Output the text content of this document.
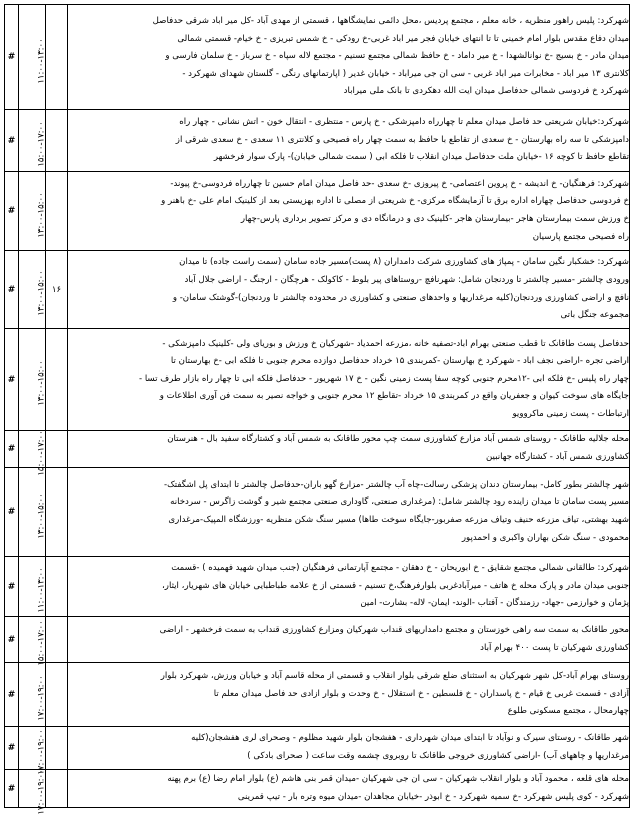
#	۱۱:۰۰-۱۳:۰۰		شهرکرد: پلیس راهور منظریه ، خانه معلم ، مجتمع پردیس ،محل دائمی نمایشگاهها ، قسمتی از مهدی آباد -کل میر اباد شرقی حدفاصل
میدان دفاع مقدس بلوار امام خمینی تا تا انتهای خیابان فجر میر اباد غربی-خ رودکی - خ شمس تبریزی - خ خیام- قسمتی شمالی
میدان مادر - خ بسیج -خ نوانالشهدا - خ میر داماد - خ حافظ شمالی مجتمع تسنیم - مجتمع لاله سپاه - خ سرباز - خ سلمان فارسی و
کلانتری ۱۳ میر اباد - مخابرات میر اباد غربی - سی ان جی میراباد - خیابان غدیر ( اپارتمانهای رنگی - گلستان شهدای شهرکرد -
شهرکرد خ فردوسی شمالی حدفاصل میدان ایت الله دهکردی تا بانک ملی میراباد

#	۱۵:۰۰-۱۷:۰۰		شهرکرد:خیابان شریعتی حد فاصل میدان معلم تا چهارراه دامپزشکی - خ پارس - منتظری - انتقال خون - اتش نشانی - چهار راه
دامپزشکی تا سه راه بهارستان - خ سعدی از تقاطع با حافظ به سمت چهار راه فصیحی و کلانتری ۱۱ سعدی - خ سعدی شرقی از
تقاطع حافظ تا کوچه ۱۶ -خیابان ملت حدفاصل میدان انقلاب تا فلکه ابی ( سمت شمالی خیابان)- پارک سوار فرخشهر

#	۱۳:۰۰-۱۵:۰۰		شهرکرد: فرهنگیان- خ اندیشه - خ پروین اعتصامی- خ پیروزی -خ سعدی -حد فاصل میدان امام حسین تا چهارراه فردوسی-خ پیوند-
خ فردوسی حدفاصل چهاراه اداره برق تا آزمایشگاه مرکزی- خ شریعتی از مصلی تا اداره بهزیستی بعد از کلینیک امام علی -خ باهنر و
خ ورزش سمت بیمارستان هاجر -بیمارستان هاجر -کلینیک دی و درمانگاه دی و مرکز تصویر برداری پارس-چهار
راه فصیحی مجتمع پارسیان

#	۱۳:۰۰-۱۵:۰۰	۱۶	شهرکرد: خشکبار نگین سامان - پمپاژ های کشاورزی شرکت دامداران (۸ پست)مسیر جاده سامان (سمت راست جاده) تا میدان
ورودی چالشتر -مسیر چالشتر تا وردنجان شامل: شهرنافچ -روستاهای پیر بلوط - کاکولک - هرچگان - ارجنگ - اراضی جلال آباد
نافچ و اراضی کشاورزی وردنجان(کلیه مرغداریها و واحدهای صنعتی و کشاورزی در محدوده چالشتر تا وردنجان)-گوشتک سامان- و
مجموعه جنگل باتی

#	۱۳:۰۰-۱۵:۰۰		حدفاصل پست طاقانک تا قطب صنعتی بهرام اباد-تصفیه خانه ،مزرعه احمدیاد -شهرکیان خ ورزش و بوریای ولی -کلینیک دامپزشکی -
اراضی تجره -اراضی نجف اباد - شهرکرد خ بهارستان -کمربندی ۱۵ خرداد حدفاصل دوازده محرم جنوبی تا فلکه ابی -خ بهارستان تا
چهار راه پلیس -خ فلکه ابی -۱۲محرم جنوبی کوچه سفا پست زمینی نگین - خ ۱۷ شهریور - حدفاصل فلکه ابی تا چهار راه بازار طرف تسا -
جایگاه های سوخت کیوان و جعفریان واقع در کمربندی ۱۵ خرداد -تقاطع ۱۲ محرم جنوبی و خواجه نصیر به سمت فن آوری اطلاعات و
ارتباطات - پست زمینی ماکروویو

#	۱۵:۰۰-۱۷:۰۰		محله جلالیه طاقانک - روستای شمس آباد مزارع کشاورزی سمت چپ محور طاقانک به شمس آباد و کشتارگاه سفید بال - هنرستان
کشاورزی شمس آباد - کشتارگاه جهانبین

#	۱۳:۰۰-۱۵:۰۰		شهر چالشتر بطور کامل- بیمارستان دندان پزشکی رسالت-چاه آب چالشتر -مزارع گهو باران-حدفاصل چالشتر تا ابتدای پل اشگفتک-
مسیر پست سامان تا میدان زاینده رود چالشتر شامل: (مرغداری صنعتی، گاوداری صنعتی مجتمع شیر و گوشت زاگرس - سردخانه
شهید بهشتی، تیاف مزرعه حنیف وتیاف مزرعه صفربور-جایگاه سوخت طاها) مسیر سنگ شکن منظریه -ورزشگاه المپیک-مرغداری
محمودی - سنگ شکن بهاران واکبری و احمدپور

#	۱۱:۰۰-۱۳:۰۰		شهرکرد: طالقانی شمالی مجتمع شقایق - خ ابوریحان - خ دهقان - مجتمع آپارتمانی فرهنگیان (جنب میدان شهید فهمیده ) -قسمت
جنوبی میدان مادر و پارک محله خ هاتف - میرآبادغربی بلوارفرهنگ،خ تسنیم - قسمتی از خ علامه طباطبایی خیابان های شهریار، ایثار،
پژمان و خوارزمی -جهاد- رزمندگان - آفتاب -الوند- ایمان- لاله- بشارت- امین

#	۱۵:۰۰-۱۷:۰۰		محور طاقانک به سمت سه راهی خوزستان و مجتمع دامداریهای قنداب شهرکیان ومزارع کشاورزی قنداب به سمت فرخشهر - اراضی
کشاورزی شهرکیان تا پست ۴۰۰ بهرام آباد

#	۱۷:۰۰-۱۹:۰۰		روستای بهرام آباد-کل شهر شهرکیان به استثنای ضلع شرقی بلوار انقلاب و قسمتی از محله قاسم آباد و خیابان ورزش، شهرکرد بلوار
آزادی - قسمت غربی خ قیام - خ پاسداران - خ فلسطین - خ استقلال - خ وحدت و بلوار ازادی حد فاصل میدان معلم تا
چهارمحال ، مجتمع مسکونی طلوع

#	۱۷:۰۰-۱۹:۰۰		شهر طاقانک - روستای سیرک و نوآباد تا ابتدای میدان شهرداری - هفشجان بلوار شهید مظلوم - وصحرای لری هفشجان(کلیه
مرغداریها و چاههای آب) -اراضی کشاورزی خروجی طاقانک تا روبروی چشمه وقت ساعت ( صحرای بادکی )

#	۱۷:۰۰-۱۹:۰۰		محله های قلعه ، محمود آباد و بلوار انقلاب شهرکیان - سی ان جی شهرکیان -میدان قمر بنی هاشم (ع) بلوار امام رضا (ع) برم پهنه
شهرکرد - کوی پلیس شهرکرد -خ سمیه شهرکرد - خ ابوذر -خیابان مجاهدان -میدان میوه وتره بار - تیپ قمرینی
